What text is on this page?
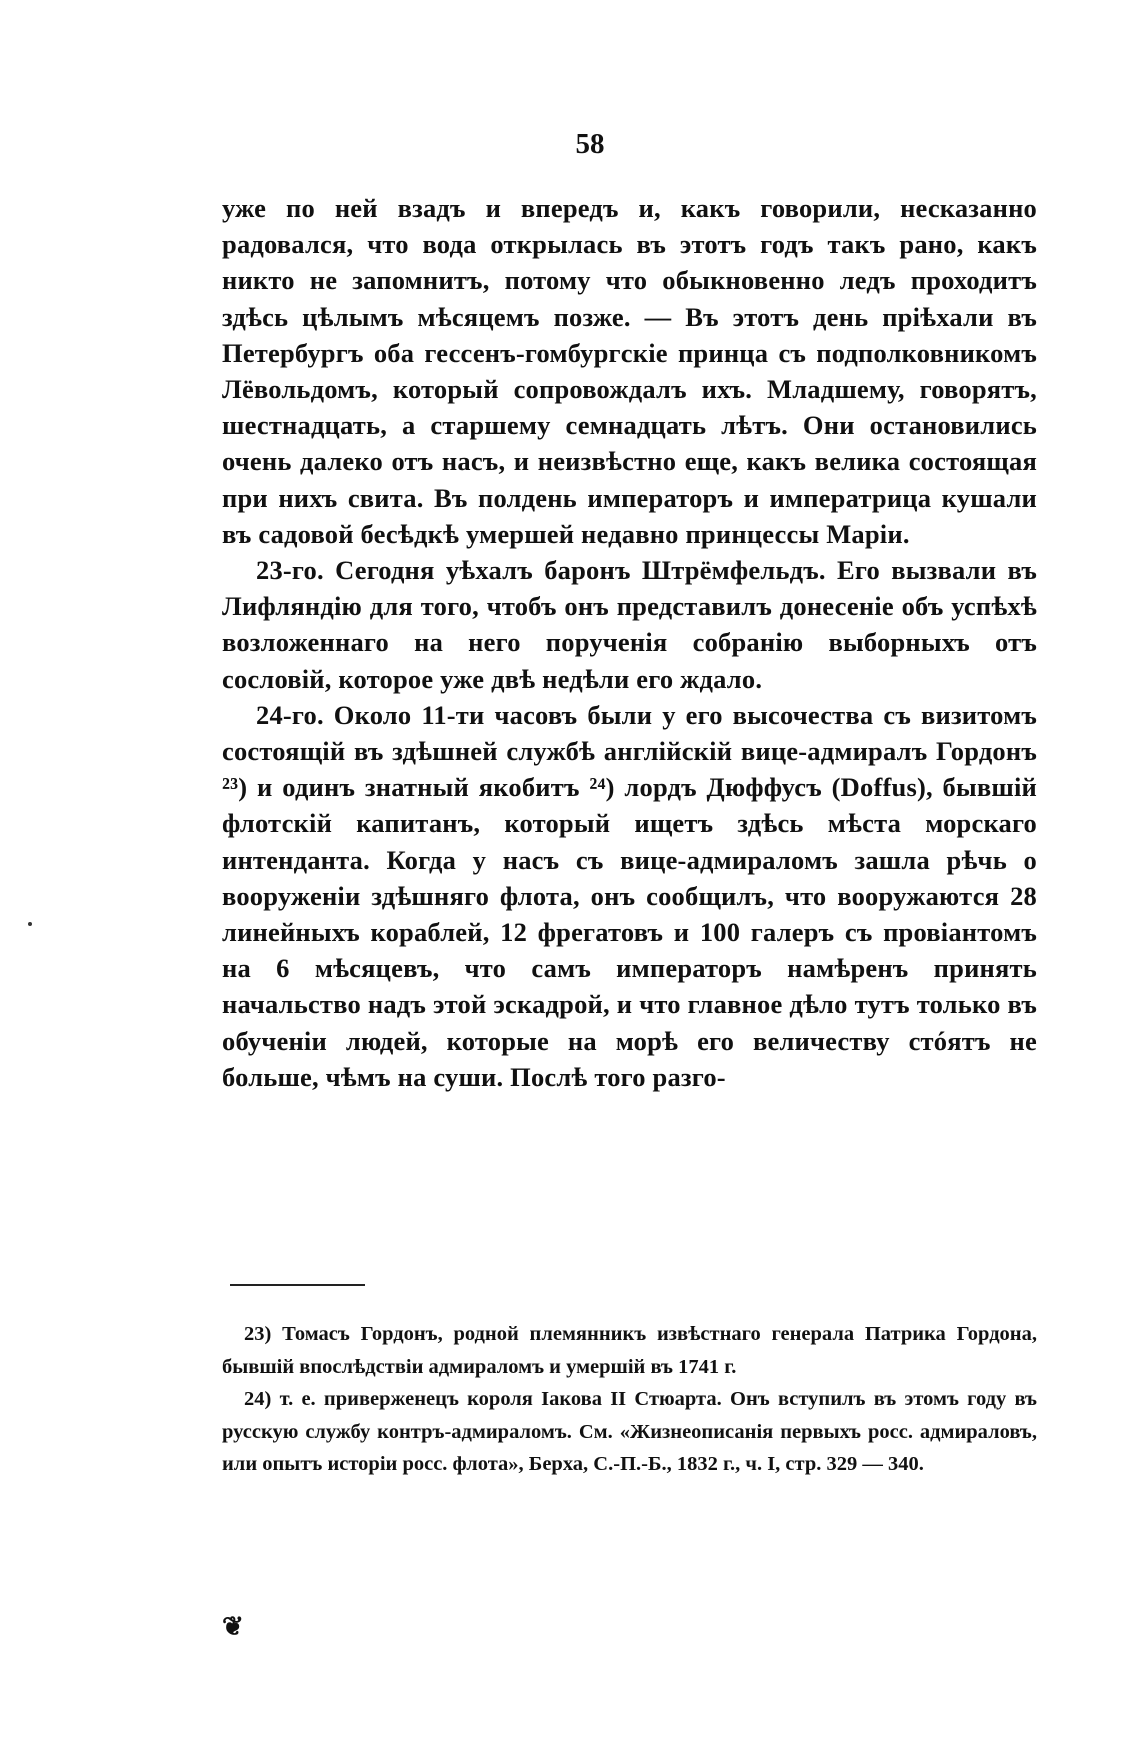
58

уже по ней взадъ и впередъ и, какъ говорили, несказанно радовался, что вода открылась въ этотъ годъ такъ рано, какъ никто не запомнитъ, потому что обыкновенно ледъ проходитъ здѣсь цѣлымъ мѣсяцемъ позже. — Въ этотъ день пріѣхали въ Петербургъ оба гессенъ-гомбургскіе принца съ подполковникомъ Лёвольдомъ, который сопровождалъ ихъ. Младшему, говорятъ, шестнадцать, а старшему семнадцать лѣтъ. Они остановились очень далеко отъ насъ, и неизвѣстно еще, какъ велика состоящая при нихъ свита. Въ полдень императоръ и императрица кушали въ садовой бесѣдкѣ умершей недавно принцессы Маріи.

23-го. Сегодня уѣхалъ баронъ Штрёмфельдъ. Его вызвали въ Лифляндію для того, чтобъ онъ представилъ донесеніе объ успѣхѣ возложеннаго на него порученія собранію выборныхъ отъ сословій, которое уже двѣ недѣли его ждало.

24-го. Около 11-ти часовъ были у его высочества съ визитомъ состоящій въ здѣшней службѣ англійскій вице-адмиралъ Гордонъ ²³) и одинъ знатный якобитъ ²⁴) лордъ Дюффусъ (Doffus), бывшій флотскій капитанъ, который ищетъ здѣсь мѣста морскаго интенданта. Когда у насъ съ вице-адмираломъ зашла рѣчь о вооруженіи здѣшняго флота, онъ сообщилъ, что вооружаются 28 линейныхъ кораблей, 12 фрегатовъ и 100 галеръ съ провіантомъ на 6 мѣсяцевъ, что самъ императоръ намѣренъ принять начальство надъ этой эскадрой, и что главное дѣло тутъ только въ обученіи людей, которые на морѣ его величеству стóятъ не больше, чѣмъ на суши. Послѣ того разго-

23) Томасъ Гордонъ, родной племянникъ извѣстнаго генерала Патрика Гордона, бывшій впослѣдствіи адмираломъ и умершій въ 1741 г.

24) т. е. приверженецъ короля Іакова II Стюарта. Онъ вступилъ въ этомъ году въ русскую службу контръ-адмираломъ. См. «Жизнеописанія первыхъ росс. адмираловъ, или опытъ исторіи росс. флота», Берха, С.-П.-Б., 1832 г., ч. I, стр. 329 — 340.

❦
